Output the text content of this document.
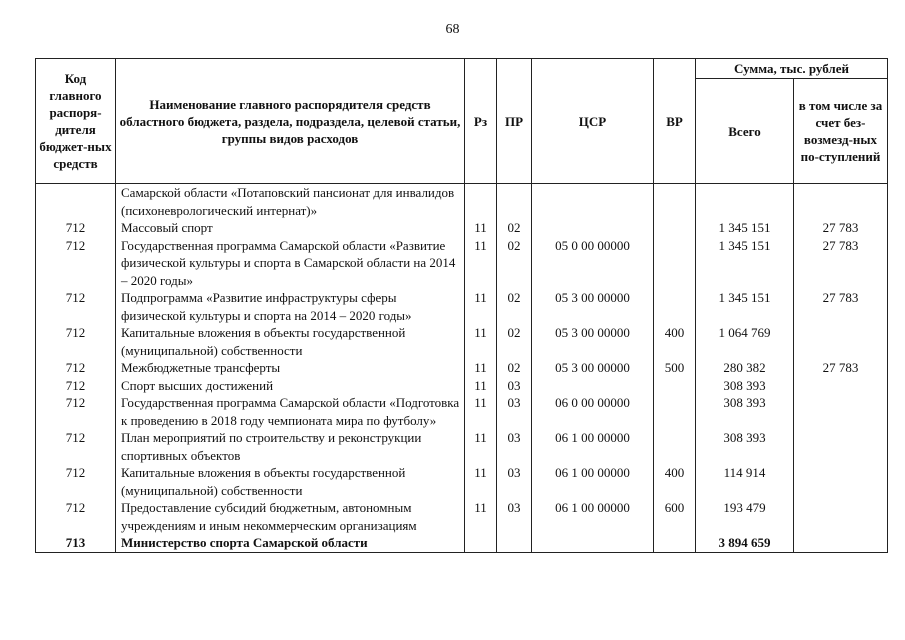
68
Код главного распоря-дителя бюджет-ных средств	Наименование главного распорядителя средств областного бюджета, раздела, подраздела, целевой статьи, группы видов расходов	Рз	ПР	ЦСР	ВР	Сумма, тыс. рублей	
						Всего	в том числе за счет без-возмезд-ных по-ступлений
	Самарской области «Потаповский пансионат для инвалидов (психоневрологический интернат)»						
712	Массовый спорт	11	02			1 345 151	27 783
712	Государственная программа Самарской области «Развитие физической культуры и спорта в Самарской области на 2014 – 2020 годы»	11	02	05 0 00 00000		1 345 151	27 783
712	Подпрограмма «Развитие инфраструктуры сферы физической культуры и спорта на 2014 – 2020 годы»	11	02	05 3 00 00000		1 345 151	27 783
712	Капитальные вложения в объекты государственной (муниципальной) собственности	11	02	05 3 00 00000	400	1 064 769	
712	Межбюджетные трансферты	11	02	05 3 00 00000	500	280 382	27 783
712	Спорт высших достижений	11	03			308 393	
712	Государственная программа Самарской области «Подготовка к проведению в 2018 году чемпионата мира по футболу»	11	03	06 0 00 00000		308 393	
712	План мероприятий по строительству и реконструкции спортивных объектов	11	03	06 1 00 00000		308 393	
712	Капитальные вложения в объекты государственной (муниципальной) собственности	11	03	06 1 00 00000	400	114 914	
712	Предоставление субсидий бюджетным, автономным учреждениям и иным некоммерческим организациям	11	03	06 1 00 00000	600	193 479	
713	Министерство спорта Самарской области					3 894 659	
